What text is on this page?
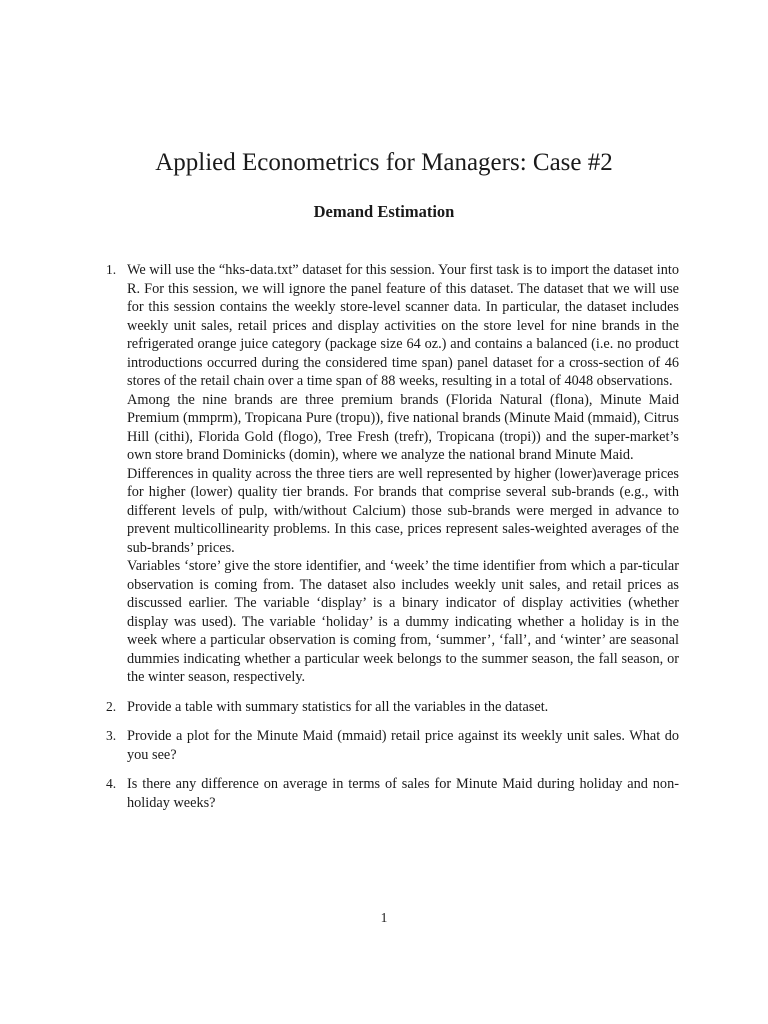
Applied Econometrics for Managers: Case #2
Demand Estimation
1. We will use the “hks-data.txt” dataset for this session. Your first task is to import the dataset into R. For this session, we will ignore the panel feature of this dataset. The dataset that we will use for this session contains the weekly store-level scanner data. In particular, the dataset includes weekly unit sales, retail prices and display activities on the store level for nine brands in the refrigerated orange juice category (package size 64 oz.) and contains a balanced (i.e. no product introductions occurred during the considered time span) panel dataset for a cross-section of 46 stores of the retail chain over a time span of 88 weeks, resulting in a total of 4048 observations.

Among the nine brands are three premium brands (Florida Natural (flona), Minute Maid Premium (mmprm), Tropicana Pure (tropu)), five national brands (Minute Maid (mmaid), Citrus Hill (cithi), Florida Gold (flogo), Tree Fresh (trefr), Tropicana (tropi)) and the super-market’s own store brand Dominicks (domin), where we analyze the national brand Minute Maid.

Differences in quality across the three tiers are well represented by higher (lower)average prices for higher (lower) quality tier brands. For brands that comprise several sub-brands (e.g., with different levels of pulp, with/without Calcium) those sub-brands were merged in advance to prevent multicollinearity problems. In this case, prices represent sales-weighted averages of the sub-brands’ prices.

Variables ‘store’ give the store identifier, and ‘week’ the time identifier from which a par-ticular observation is coming from. The dataset also includes weekly unit sales, and retail prices as discussed earlier. The variable ‘display’ is a binary indicator of display activities (whether display was used). The variable ‘holiday’ is a dummy indicating whether a holiday is in the week where a particular observation is coming from, ‘summer’, ‘fall’, and ‘winter’ are seasonal dummies indicating whether a particular week belongs to the summer season, the fall season, or the winter season, respectively.

2. Provide a table with summary statistics for all the variables in the dataset.

3. Provide a plot for the Minute Maid (mmaid) retail price against its weekly unit sales. What do you see?

4. Is there any difference on average in terms of sales for Minute Maid during holiday and non-holiday weeks?

1
